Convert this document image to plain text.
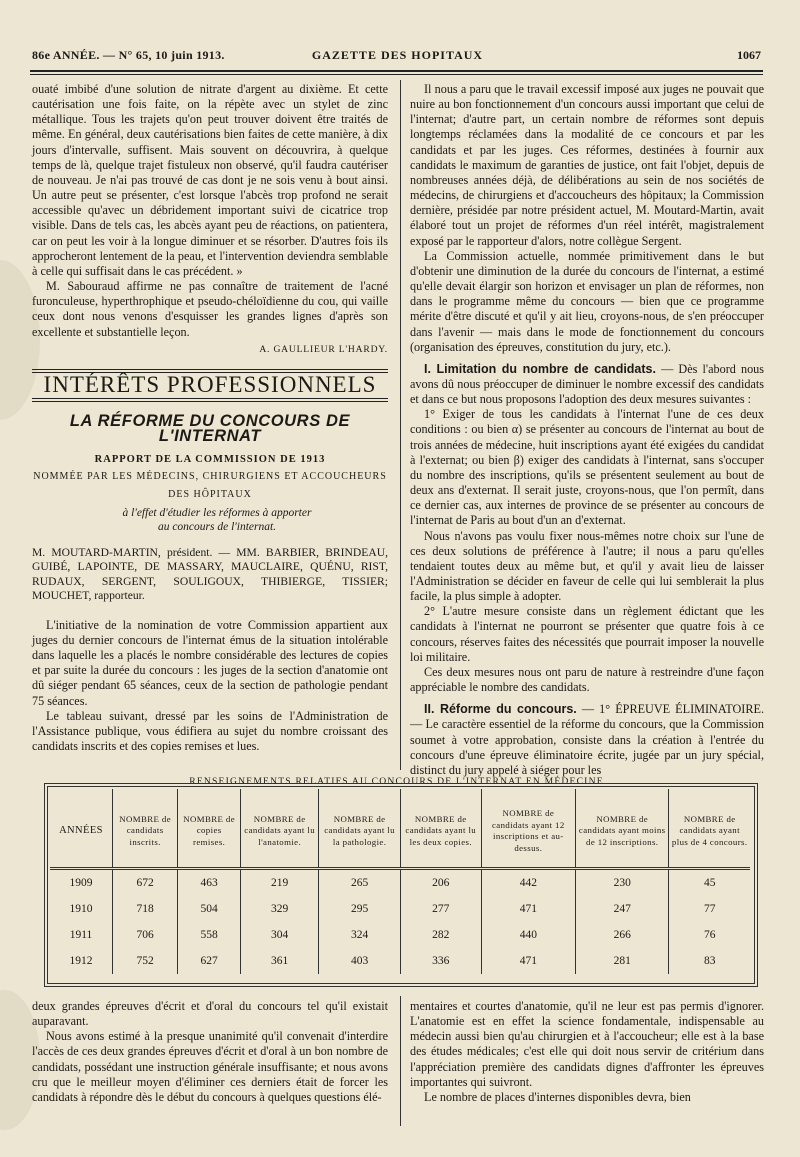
86e ANNÉE. — N° 65, 10 juin 1913.	GAZETTE DES HOPITAUX	1067

ouaté imbibé d'une solution de nitrate d'argent au dixième. Et cette cautérisation une fois faite, on la répète avec un stylet de zinc métallique. Tous les trajets qu'on peut trouver doivent être traités de même. En général, deux cautérisations bien faites de cette manière, à dix jours d'intervalle, suffisent. Mais souvent on découvrira, à quelque temps de là, quelque trajet fistuleux non observé, qu'il faudra cautériser de nouveau. Je n'ai pas trouvé de cas dont je ne sois venu à bout ainsi. Un autre peut se présenter, c'est lorsque l'abcès trop profond ne serait accessible qu'avec un débridement important suivi de cicatrice trop visible. Dans de tels cas, les abcès ayant peu de réactions, on patientera, car on peut les voir à la longue diminuer et se résorber. D'autres fois ils approcheront lentement de la peau, et l'intervention deviendra semblable à celle qui suffisait dans le cas précédent. »

M. Sabouraud affirme ne pas connaître de traitement de l'acné furonculeuse, hyperthrophique et pseudo-chéloïdienne du cou, qui vaille ceux dont nous venons d'esquisser les grandes lignes d'après son excellente et substantielle leçon.

A. GAULLIEUR L'HARDY.
INTÉRÊTS PROFESSIONNELS
LA RÉFORME DU CONCOURS DE L'INTERNAT
RAPPORT DE LA COMMISSION DE 1913
NOMMÉE PAR LES MÉDECINS, CHIRURGIENS ET ACCOUCHEURS
DES HÔPITAUX

à l'effet d'étudier les réformes à apporter

au concours de l'internat.

M. MOUTARD-MARTIN, président. — MM. BARBIER, BRINDEAU, GUIBÉ, LAPOINTE, DE MASSARY, MAUCLAIRE, QUÉNU, RIST, RUDAUX, SERGENT, SOULIGOUX, THIBIERGE, TISSIER; MOUCHET, rapporteur.

L'initiative de la nomination de votre Commission appartient aux juges du dernier concours de l'internat émus de la situation intolérable dans laquelle les a placés le nombre considérable des lectures de copies et par suite la durée du concours : les juges de la section d'anatomie ont dû siéger pendant 65 séances, ceux de la section de pathologie pendant 75 séances.

Le tableau suivant, dressé par les soins de l'Administration de l'Assistance publique, vous édifiera au sujet du nombre croissant des candidats inscrits et des copies remises et lues.

Il nous a paru que le travail excessif imposé aux juges ne pouvait que nuire au bon fonctionnement d'un concours aussi important que celui de l'internat; d'autre part, un certain nombre de réformes sont depuis longtemps réclamées dans la modalité de ce concours et par les candidats et par les juges. Ces réformes, destinées à fournir aux candidats le maximum de garanties de justice, ont fait l'objet, depuis de nombreuses années déjà, de délibérations au sein de nos sociétés de médecins, de chirurgiens et d'accoucheurs des hôpitaux; la Commission dernière, présidée par notre président actuel, M. Moutard-Martin, avait élaboré tout un projet de réformes d'un réel intérêt, magistralement exposé par le rapporteur d'alors, notre collègue Sergent.

La Commission actuelle, nommée primitivement dans le but d'obtenir une diminution de la durée du concours de l'internat, a estimé qu'elle devait élargir son horizon et envisager un plan de réformes, non dans le programme même du concours — bien que ce programme mérite d'être discuté et qu'il y ait lieu, croyons-nous, de s'en préoccuper dans l'avenir — mais dans le mode de fonctionnement du concours (organisation des épreuves, constitution du jury, etc.).

I. Limitation du nombre de candidats. — Dès l'abord nous avons dû nous préoccuper de diminuer le nombre excessif des candidats et dans ce but nous proposons l'adoption des deux mesures suivantes :

1° Exiger de tous les candidats à l'internat l'une de ces deux conditions : ou bien α) se présenter au concours de l'internat au bout de trois années de médecine, huit inscriptions ayant été exigées du candidat à l'externat; ou bien β) exiger des candidats à l'internat, sans s'occuper du nombre des inscriptions, qu'ils se présentent seulement au bout de deux ans d'externat. Il serait juste, croyons-nous, que l'on permît, dans ce dernier cas, aux internes de province de se présenter au concours de l'internat de Paris au bout d'un an d'externat.

Nous n'avons pas voulu fixer nous-mêmes notre choix sur l'une de ces deux solutions de préférence à l'autre; il nous a paru qu'elles tendaient toutes deux au même but, et qu'il y avait lieu de laisser l'Administration se décider en faveur de celle qui lui semblerait la plus facile, la plus simple à adopter.

2° L'autre mesure consiste dans un règlement édictant que les candidats à l'internat ne pourront se présenter que quatre fois à ce concours, réserves faites des nécessités que pourrait imposer la nouvelle loi militaire.

Ces deux mesures nous ont paru de nature à restreindre d'une façon appréciable le nombre des candidats.

II. Réforme du concours. — 1° ÉPREUVE ÉLIMINATOIRE. — Le caractère essentiel de la réforme du concours, que la Commission soumet à votre approbation, consiste dans la création à l'entrée du concours d'une épreuve éliminatoire écrite, jugée par un jury spécial, distinct du jury appelé à siéger pour les

RENSEIGNEMENTS RELATIFS AU CONCOURS DE L'INTERNAT EN MÉDECINE
ANNÉES	NOMBRE de candidats inscrits.	NOMBRE de copies remises.	NOMBRE de candidats ayant lu l'anatomie.	NOMBRE de candidats ayant lu la pathologie.	NOMBRE de candidats ayant lu les deux copies.	NOMBRE de candidats ayant 12 inscriptions et au-dessus.	NOMBRE de candidats ayant moins de 12 inscriptions.	NOMBRE de candidats ayant plus de 4 concours.
1909	672	463	219	265	206	442	230	45
1910	718	504	329	295	277	471	247	77
1911	706	558	304	324	282	440	266	76
1912	752	627	361	403	336	471	281	83

deux grandes épreuves d'écrit et d'oral du concours tel qu'il existait auparavant.

Nous avons estimé à la presque unanimité qu'il convenait d'interdire l'accès de ces deux grandes épreuves d'écrit et d'oral à un bon nombre de candidats, possédant une instruction générale insuffisante; et nous avons cru que le meilleur moyen d'éliminer ces derniers était de forcer les candidats à répondre dès le début du concours à quelques questions élé-

mentaires et courtes d'anatomie, qu'il ne leur est pas permis d'ignorer. L'anatomie est en effet la science fondamentale, indispensable au médecin aussi bien qu'au chirurgien et à l'accoucheur; elle est à la base des études médicales; c'est elle qui doit nous servir de critérium dans l'appréciation première des candidats dignes d'affronter les épreuves importantes qui suivront.

Le nombre de places d'internes disponibles devra, bien
